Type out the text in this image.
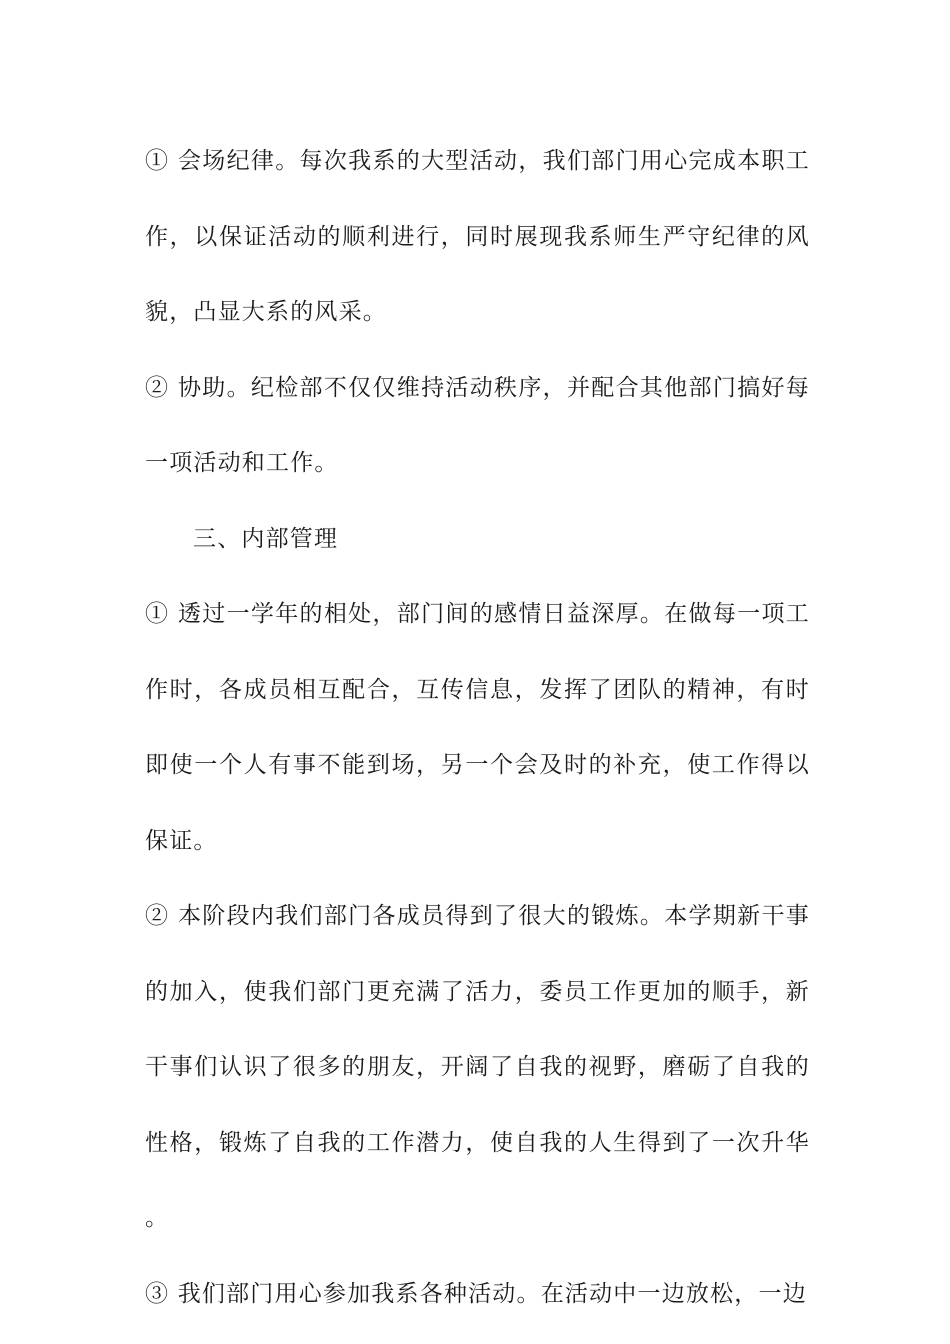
① 会场纪律。每次我系的大型活动，我们部门用心完成本职工作，以保证活动的顺利进行，同时展现我系师生严守纪律的风貌，凸显大系的风采。

② 协助。纪检部不仅仅维持活动秩序，并配合其他部门搞好每一项活动和工作。

三、内部管理

① 透过一学年的相处，部门间的感情日益深厚。在做每一项工作时，各成员相互配合，互传信息，发挥了团队的精神，有时即使一个人有事不能到场，另一个会及时的补充，使工作得以保证。

② 本阶段内我们部门各成员得到了很大的锻炼。本学期新干事的加入，使我们部门更充满了活力，委员工作更加的顺手，新干事们认识了很多的朋友，开阔了自我的视野，磨砺了自我的性格，锻炼了自我的工作潜力，使自我的人生得到了一次升华。

③ 我们部门用心参加我系各种活动。在活动中一边放松，一边
